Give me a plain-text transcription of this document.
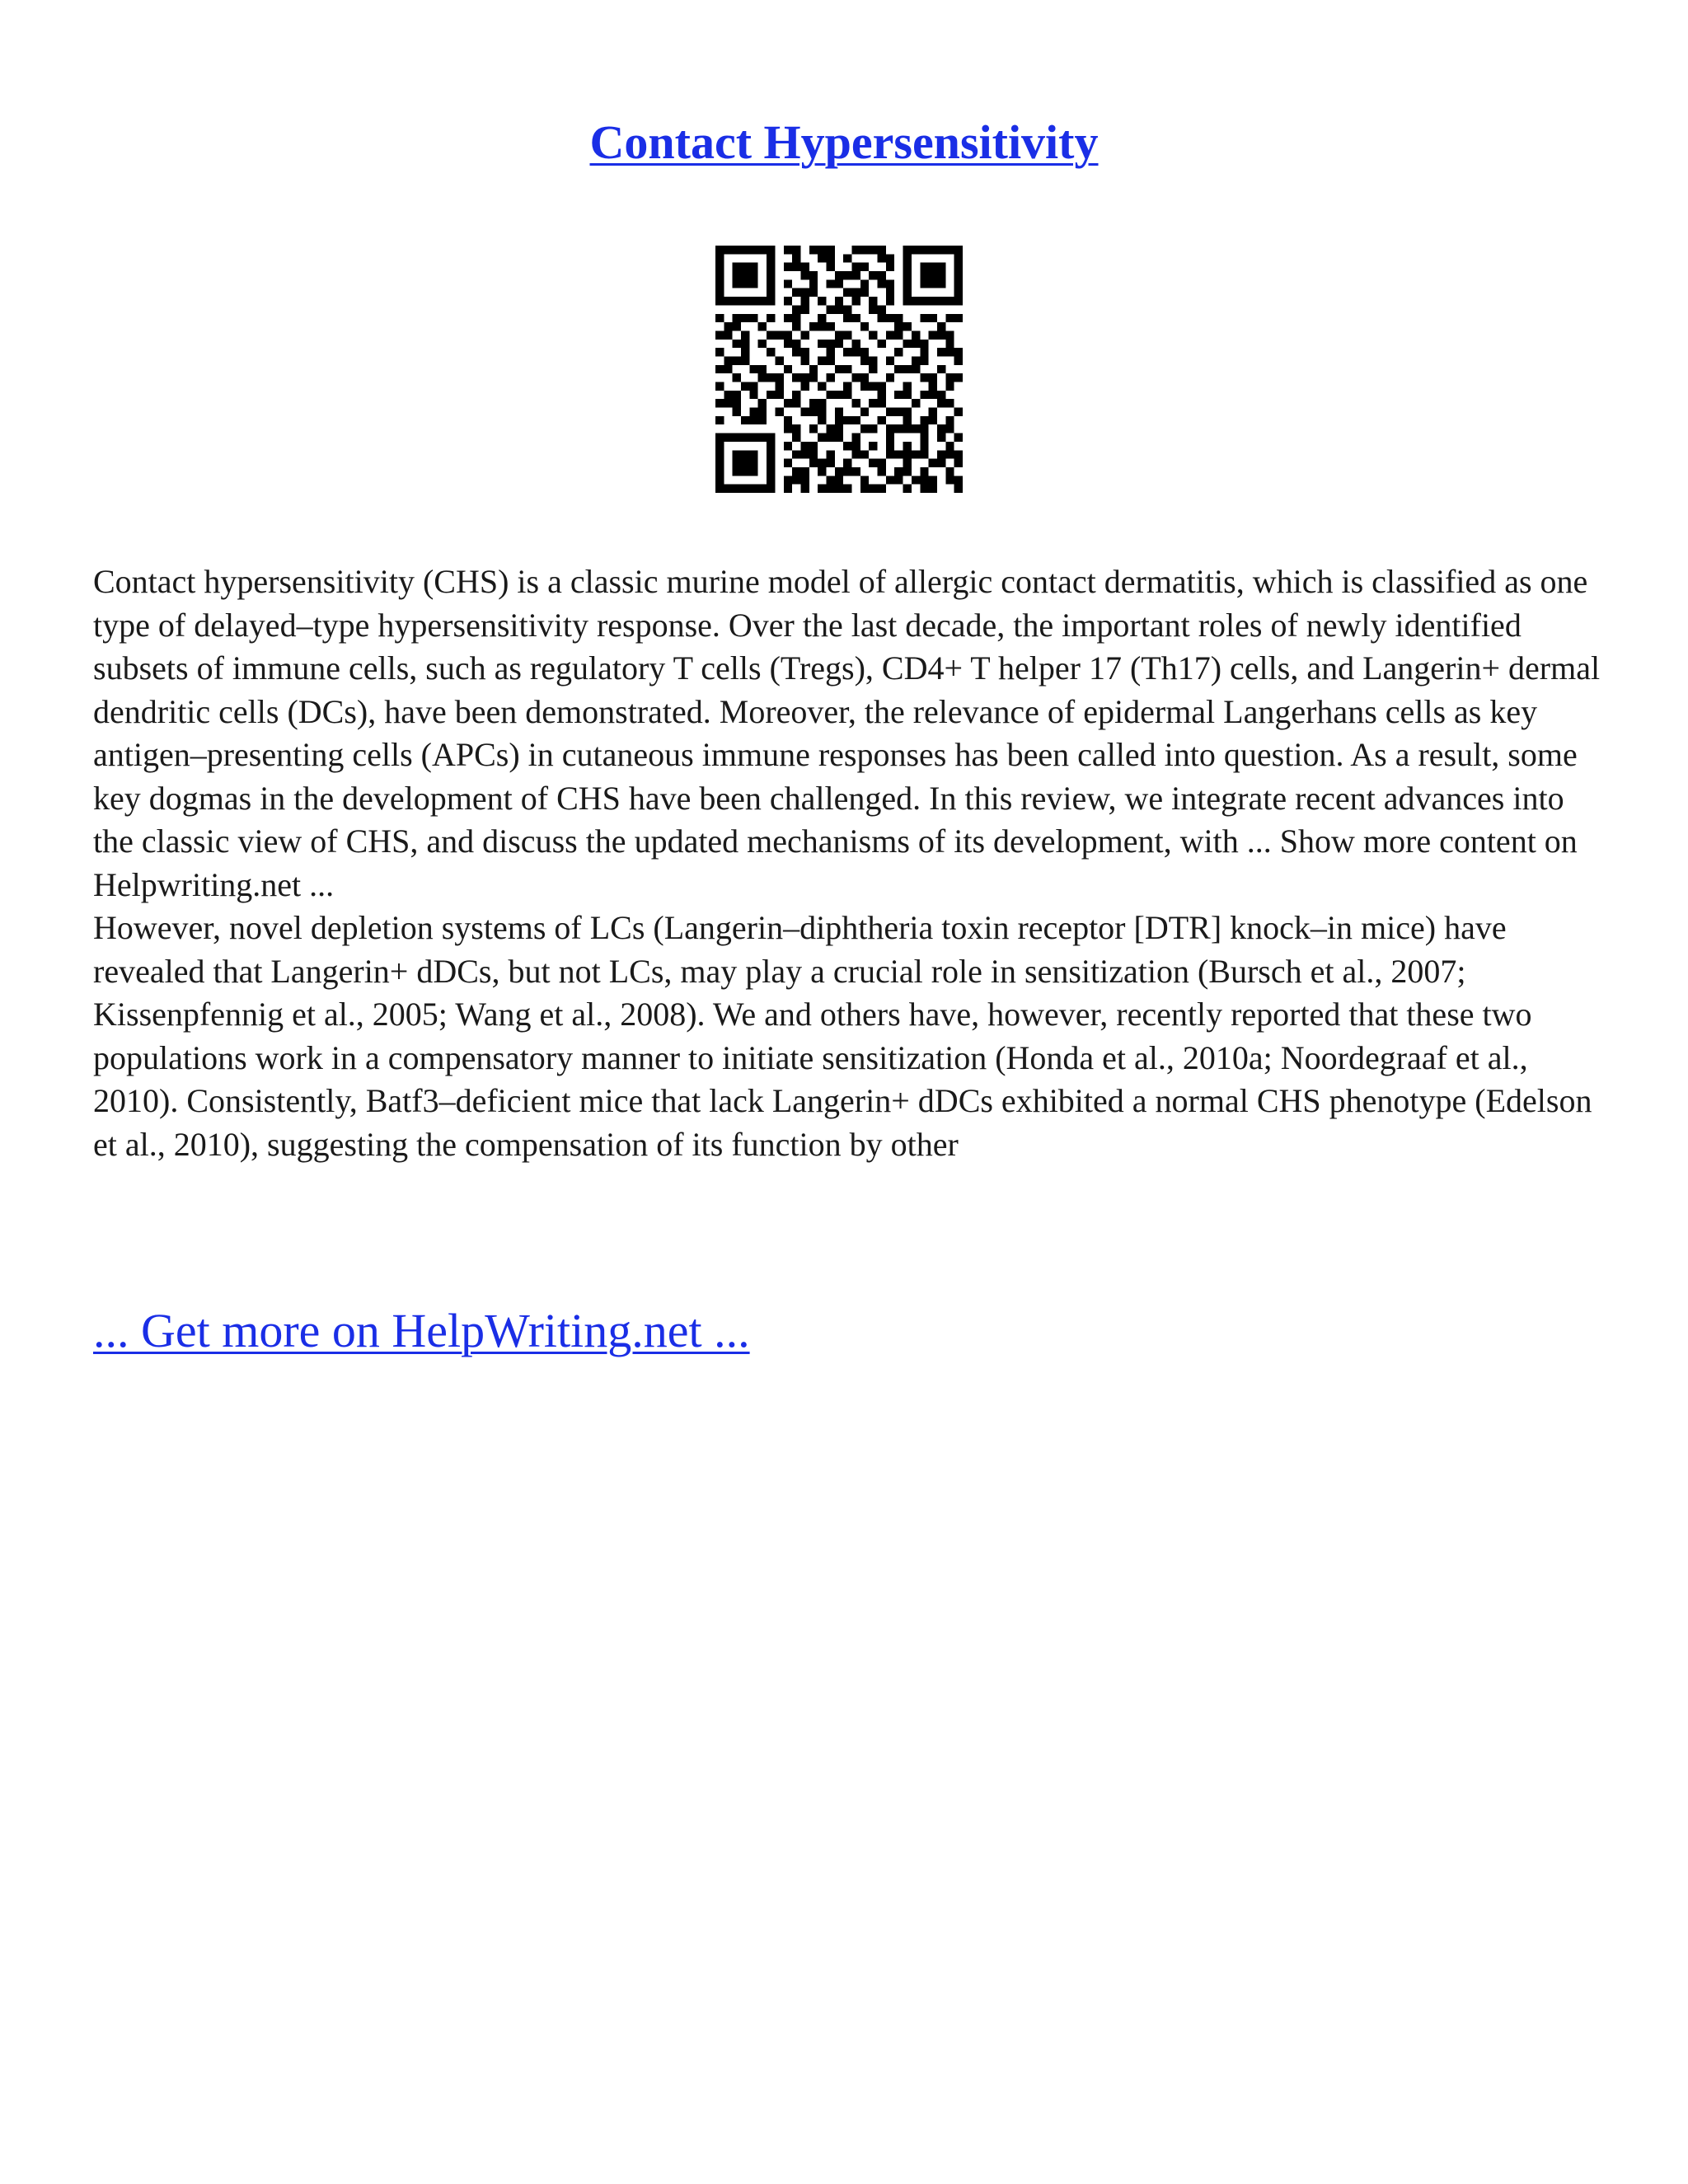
Contact Hypersensitivity

Contact hypersensitivity (CHS) is a classic murine model of allergic contact dermatitis, which is classified as one type of delayed–type hypersensitivity response. Over the last decade, the important roles of newly identified subsets of immune cells, such as regulatory T cells (Tregs), CD4+ T helper 17 (Th17) cells, and Langerin+ dermal dendritic cells (DCs), have been demonstrated. Moreover, the relevance of epidermal Langerhans cells as key antigen–presenting cells (APCs) in cutaneous immune responses has been called into question. As a result, some key dogmas in the development of CHS have been challenged. In this review, we integrate recent advances into the classic view of CHS, and discuss the updated mechanisms of its development, with ... Show more content on Helpwriting.net ...

However, novel depletion systems of LCs (Langerin–diphtheria toxin receptor [DTR] knock–in mice) have revealed that Langerin+ dDCs, but not LCs, may play a crucial role in sensitization (Bursch et al., 2007; Kissenpfennig et al., 2005; Wang et al., 2008). We and others have, however, recently reported that these two populations work in a compensatory manner to initiate sensitization (Honda et al., 2010a; Noordegraaf et al., 2010). Consistently, Batf3–deficient mice that lack Langerin+ dDCs exhibited a normal CHS phenotype (Edelson et al., 2010), suggesting the compensation of its function by other

... Get more on HelpWriting.net ...
